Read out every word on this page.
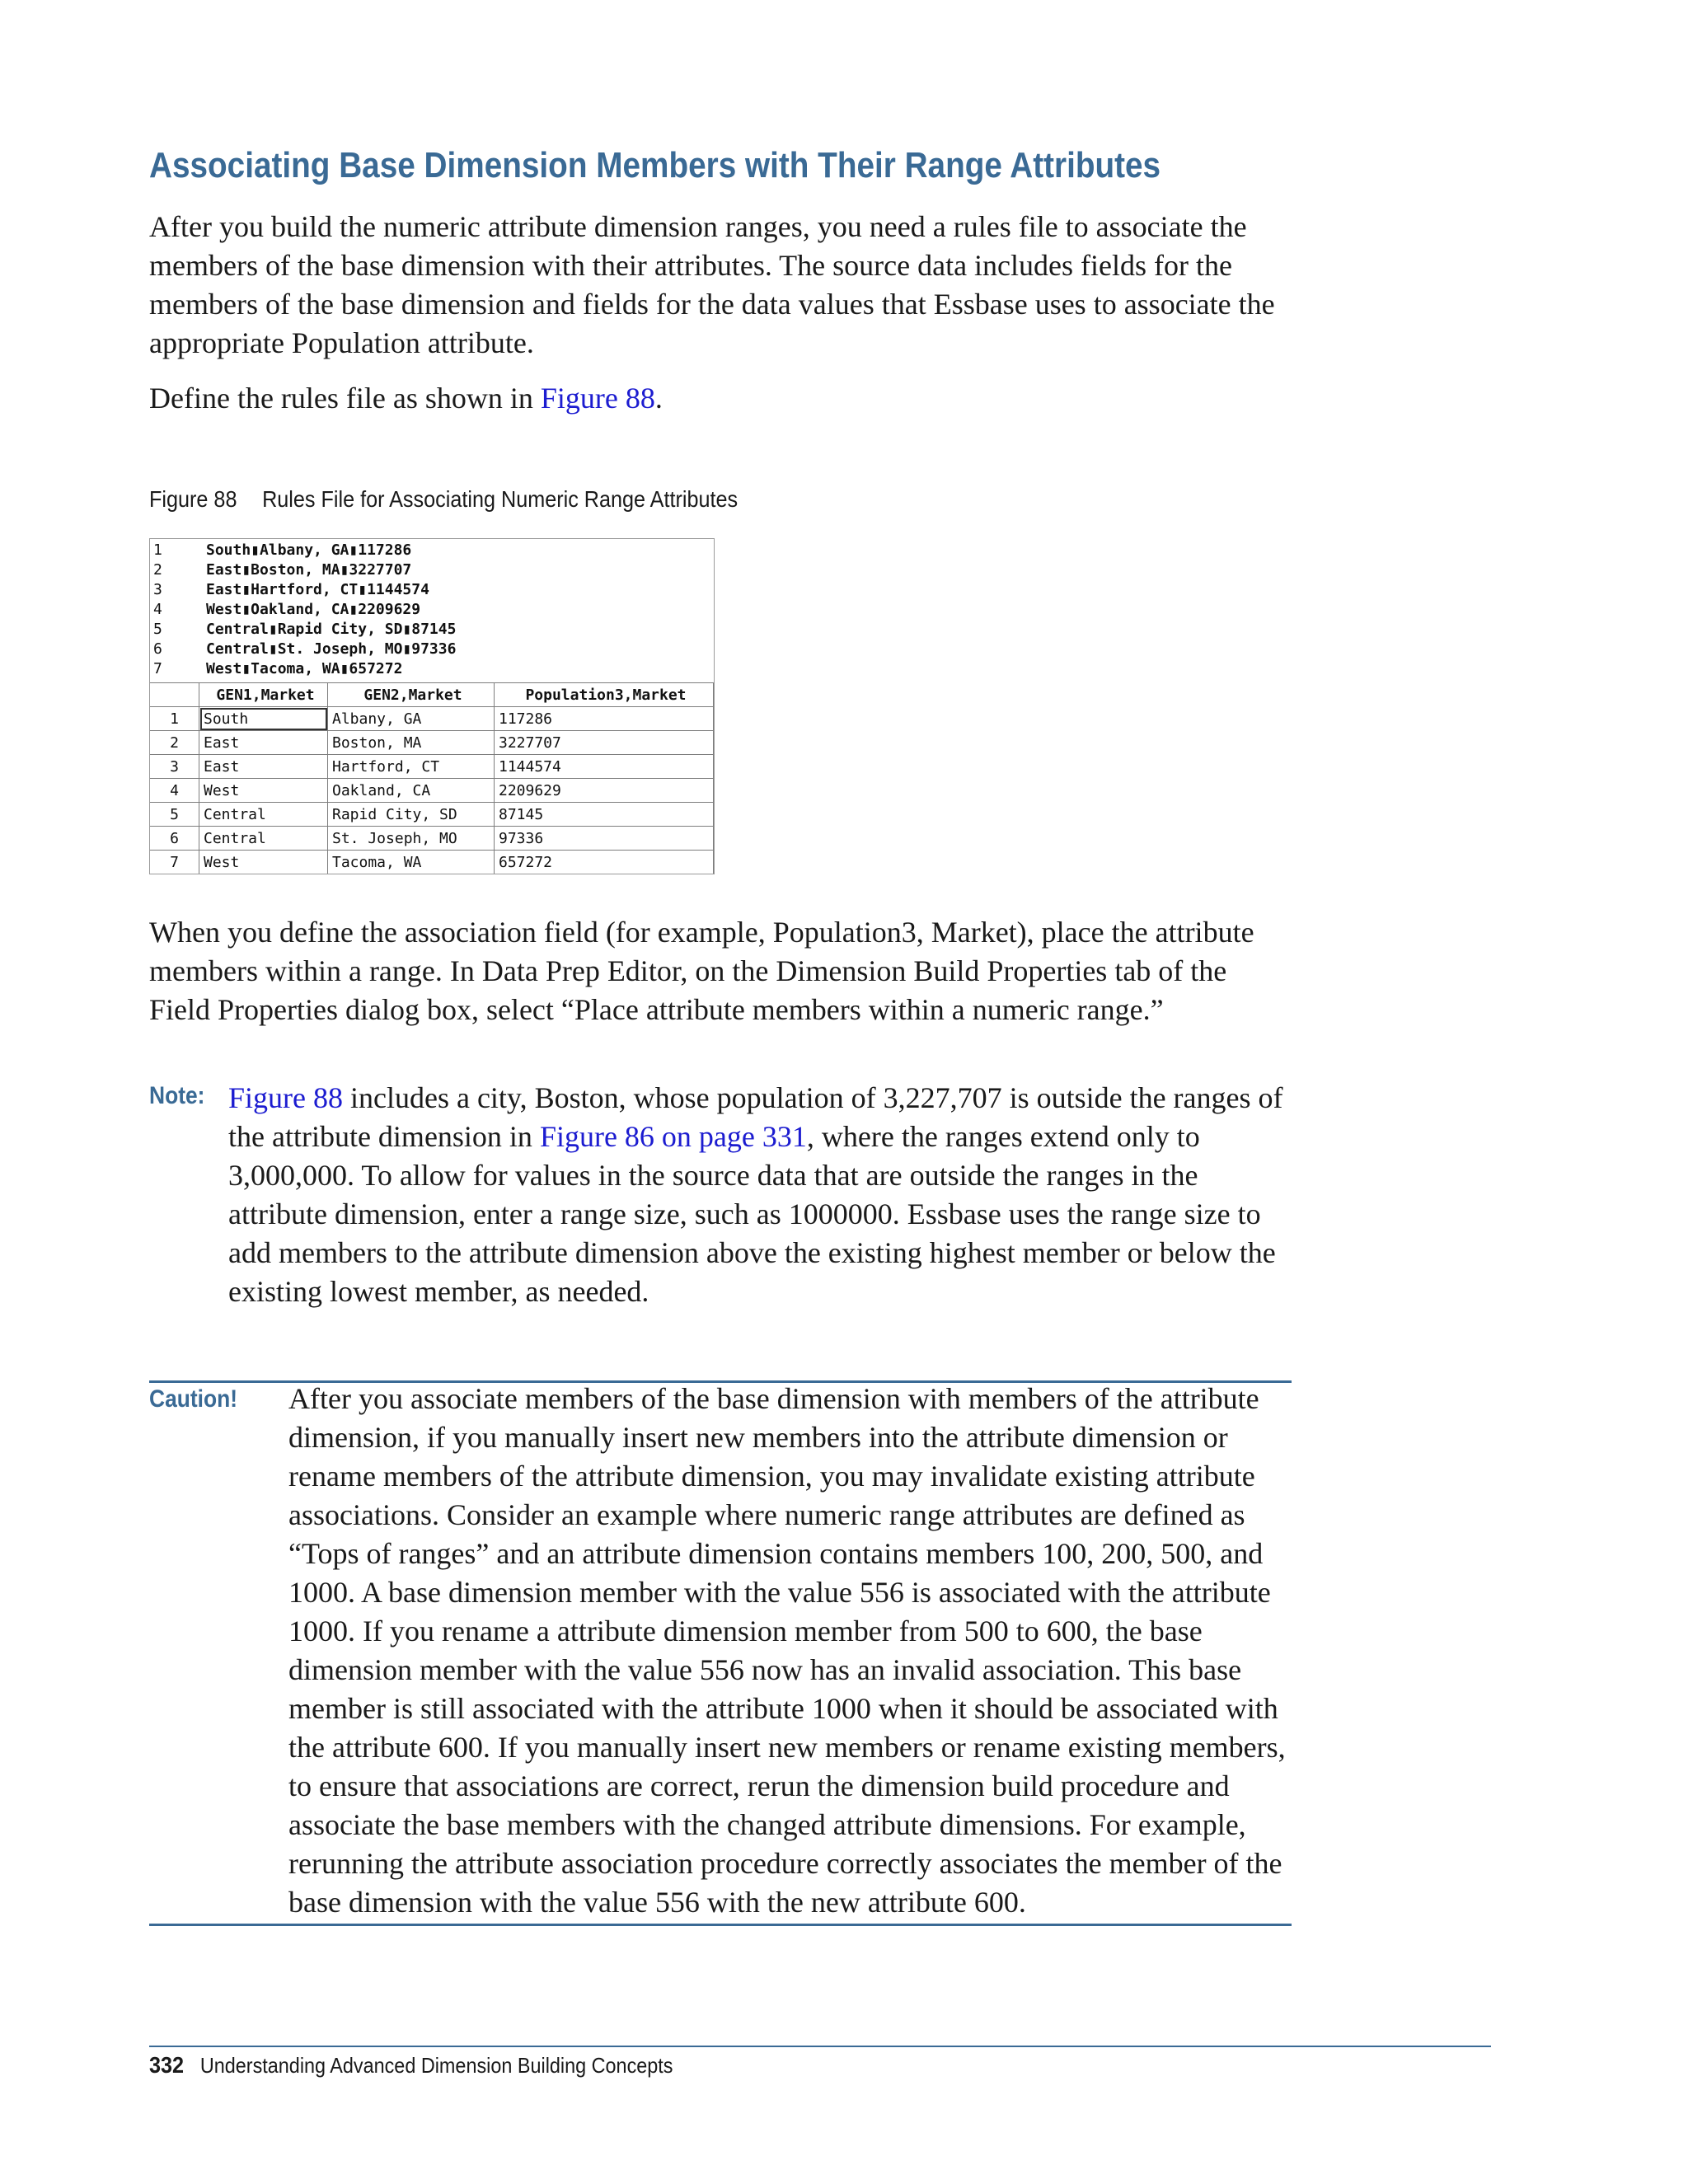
Associating Base Dimension Members with Their Range Attributes

After you build the numeric attribute dimension ranges, you need a rules file to associate the members of the base dimension with their attributes. The source data includes fields for the members of the base dimension and fields for the data values that Essbase uses to associate the appropriate Population attribute.

Define the rules file as shown in Figure 88.

Figure 88 Rules File for Associating Numeric Range Attributes

1	South▮Albany, GA▮117286
2	East▮Boston, MA▮3227707
3	East▮Hartford, CT▮1144574
4	West▮Oakland, CA▮2209629
5	Central▮Rapid City, SD▮87145
6	Central▮St. Joseph, MO▮97336
7	West▮Tacoma, WA▮657272
	GEN1,Market	GEN2,Market	Population3,Market
1	South	Albany, GA	117286
2	East	Boston, MA	3227707
3	East	Hartford, CT	1144574
4	West	Oakland, CA	2209629
5	Central	Rapid City, SD	87145
6	Central	St. Joseph, MO	97336
7	West	Tacoma, WA	657272

When you define the association field (for example, Population3, Market), place the attribute members within a range. In Data Prep Editor, on the Dimension Build Properties tab of the Field Properties dialog box, select “Place attribute members within a numeric range.”

Note: Figure 88 includes a city, Boston, whose population of 3,227,707 is outside the ranges of the attribute dimension in Figure 86 on page 331, where the ranges extend only to 3,000,000. To allow for values in the source data that are outside the ranges in the attribute dimension, enter a range size, such as 1000000. Essbase uses the range size to add members to the attribute dimension above the existing highest member or below the existing lowest member, as needed.

Caution! After you associate members of the base dimension with members of the attribute dimension, if you manually insert new members into the attribute dimension or rename members of the attribute dimension, you may invalidate existing attribute associations. Consider an example where numeric range attributes are defined as “Tops of ranges” and an attribute dimension contains members 100, 200, 500, and 1000. A base dimension member with the value 556 is associated with the attribute 1000. If you rename a attribute dimension member from 500 to 600, the base dimension member with the value 556 now has an invalid association. This base member is still associated with the attribute 1000 when it should be associated with the attribute 600. If you manually insert new members or rename existing members, to ensure that associations are correct, rerun the dimension build procedure and associate the base members with the changed attribute dimensions. For example, rerunning the attribute association procedure correctly associates the member of the base dimension with the value 556 with the new attribute 600.

332 Understanding Advanced Dimension Building Concepts
